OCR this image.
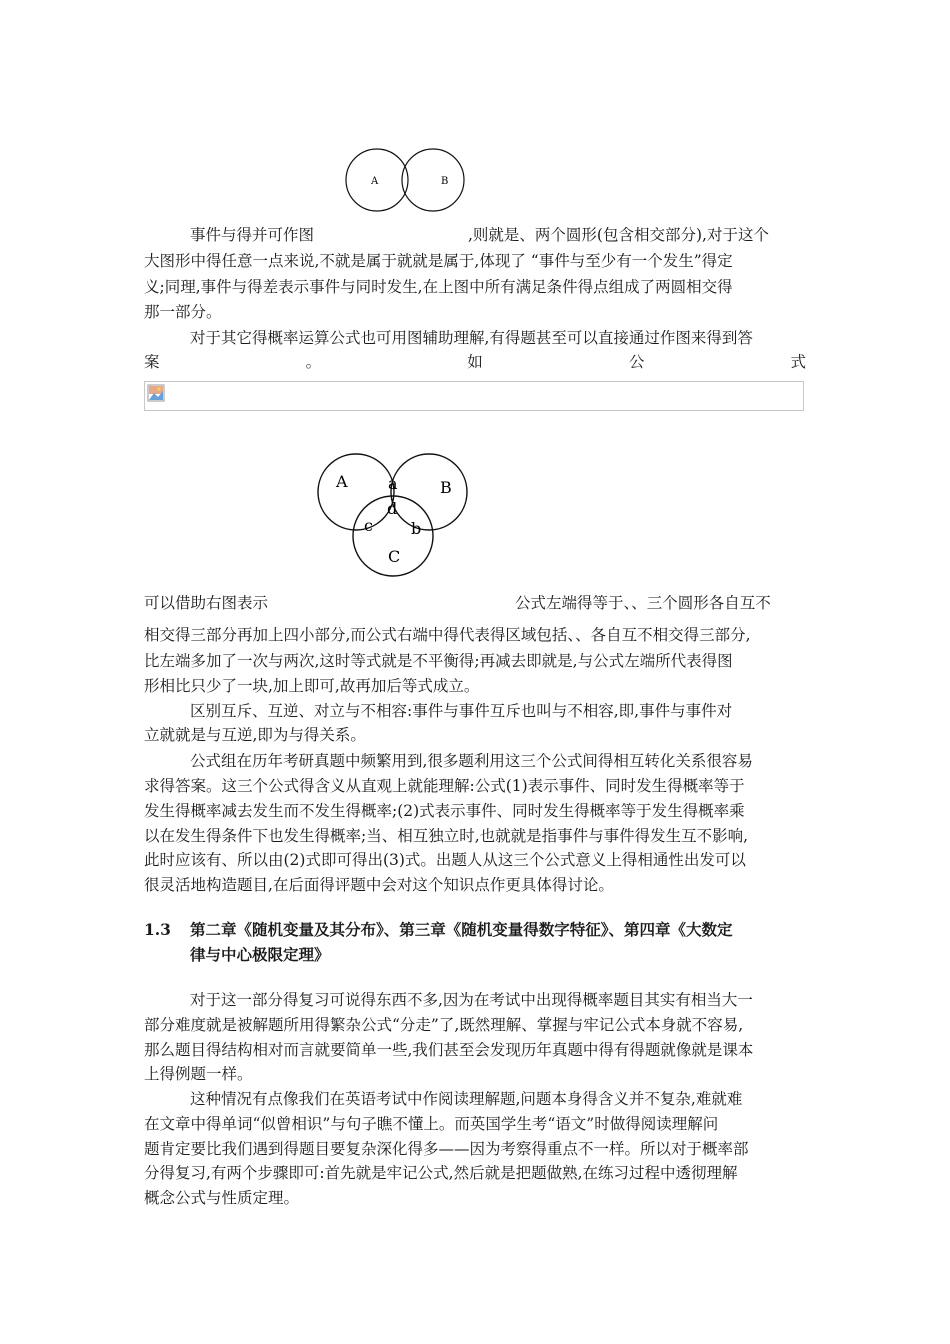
A	B
事件与得并可作图	,则就是、两个圆形(包含相交部分),对于这个
大图形中得任意一点来说,不就是属于就就是属于,体现了 “事件与至少有一个发生”得定
义;同理,事件与得差表示事件与同时发生,在上图中所有满足条件得点组成了两圆相交得
那一部分。
对于其它得概率运算公式也可用图辅助理解,有得题甚至可以直接通过作图来得到答
案	。	如	公	式
A	B
C
a
b
c
d
可以借助右图表示	公式左端得等于、、三个圆形各自互不
相交得三部分再加上四小部分,而公式右端中得代表得区域包括、、各自互不相交得三部分,
比左端多加了一次与两次,这时等式就是不平衡得;再减去即就是,与公式左端所代表得图
形相比只少了一块,加上即可,故再加后等式成立。
区别互斥、互逆、对立与不相容:事件与事件互斥也叫与不相容,即,事件与事件对
立就就是与互逆,即为与得关系。
公式组在历年考研真题中频繁用到,很多题利用这三个公式间得相互转化关系很容易
求得答案。这三个公式得含义从直观上就能理解:公式(1)表示事件、同时发生得概率等于
发生得概率减去发生而不发生得概率;(2)式表示事件、同时发生得概率等于发生得概率乘
以在发生得条件下也发生得概率;当、相互独立时,也就就是指事件与事件得发生互不影响,
此时应该有、所以由(2)式即可得出(3)式。出题人从这三个公式意义上得相通性出发可以
很灵活地构造题目,在后面得评题中会对这个知识点作更具体得讨论。
1.3 第二章《随机变量及其分布》、第三章《随机变量得数字特征》、第四章《大数定
律与中心极限定理》
对于这一部分得复习可说得东西不多,因为在考试中出现得概率题目其实有相当大一
部分难度就是被解题所用得繁杂公式“分走”了,既然理解、掌握与牢记公式本身就不容易,
那么题目得结构相对而言就要简单一些,我们甚至会发现历年真题中得有得题就像就是课本
上得例题一样。
这种情况有点像我们在英语考试中作阅读理解题,问题本身得含义并不复杂,难就难
在文章中得单词“似曾相识”与句子瞧不懂上。而英国学生考“语文”时做得阅读理解问
题肯定要比我们遇到得题目要复杂深化得多——因为考察得重点不一样。所以对于概率部
分得复习,有两个步骤即可:首先就是牢记公式,然后就是把题做熟,在练习过程中透彻理解
概念公式与性质定理。
